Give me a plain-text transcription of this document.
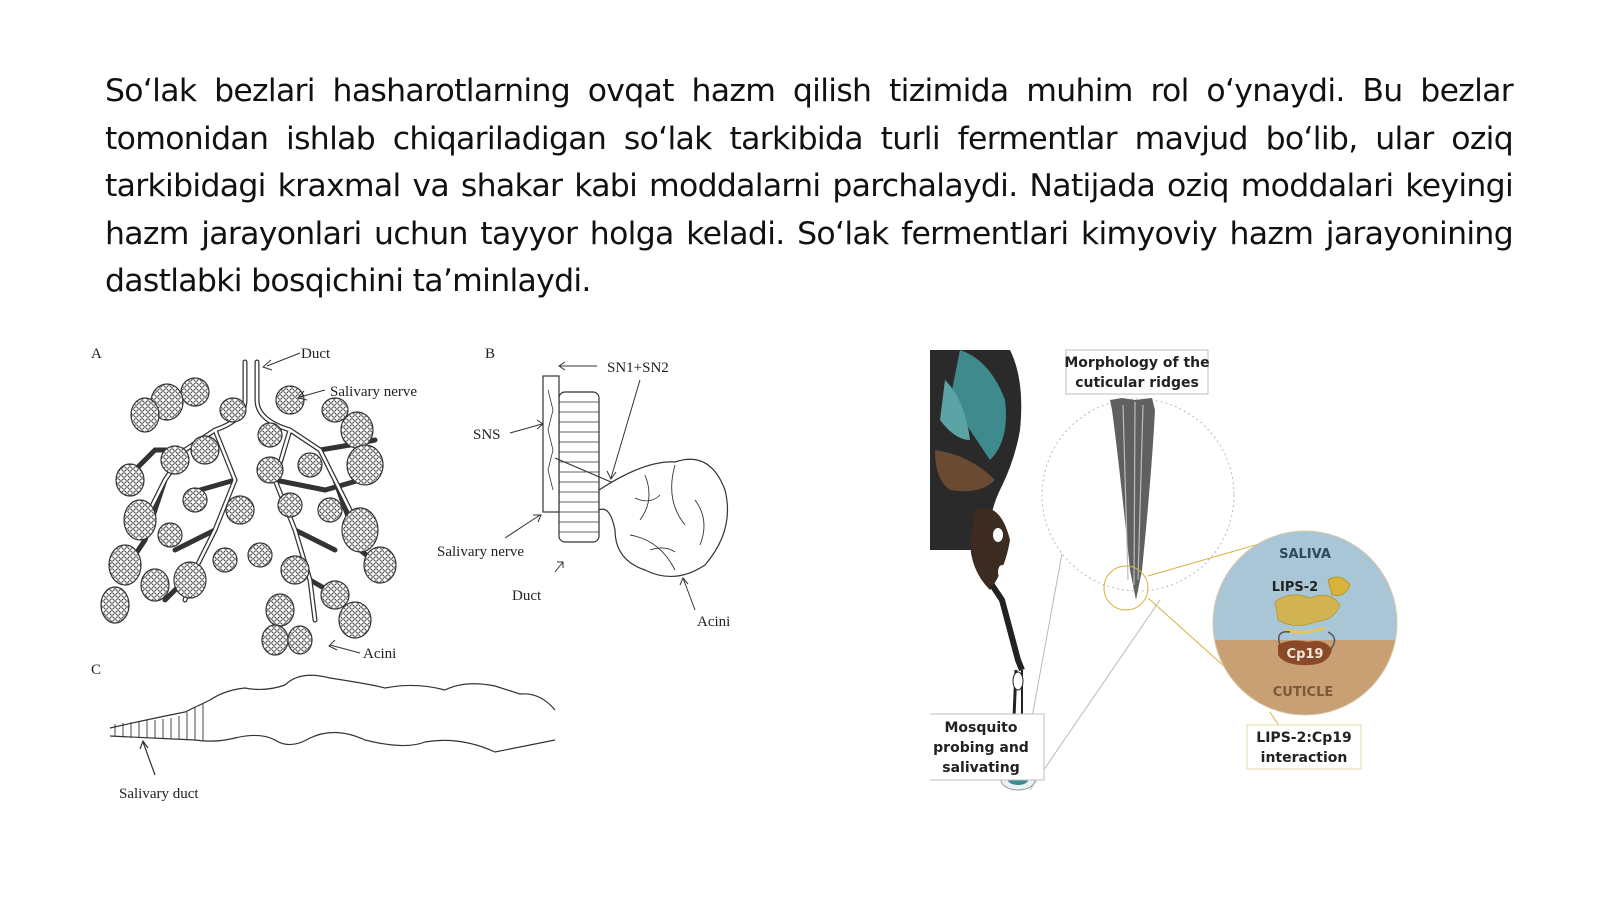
So‘lak bezlari hasharotlarning ovqat hazm qilish tizimida muhim rol o‘ynaydi. Bu bezlar tomonidan ishlab chiqariladigan so‘lak tarkibida turli fermentlar mavjud bo‘lib, ular oziq tarkibidagi kraxmal va shakar kabi moddalarni parchalaydi. Natijada oziq moddalari keyingi hazm jarayonlari uchun tayyor holga keladi. So‘lak fermentlari kimyoviy hazm jarayonining dastlabki bosqichini ta’minlaydi.

A	Duct
Salivary nerve
Acini
B
SN1+SN2
SNS
Salivary nerve
Duct
Acini
C
Salivary duct
SALIVA
LIPS-2
Cp19
CUTICLE
Morphology of the
cuticular ridges
Mosquito
probing and
salivating
LIPS-2:Cp19
interaction
